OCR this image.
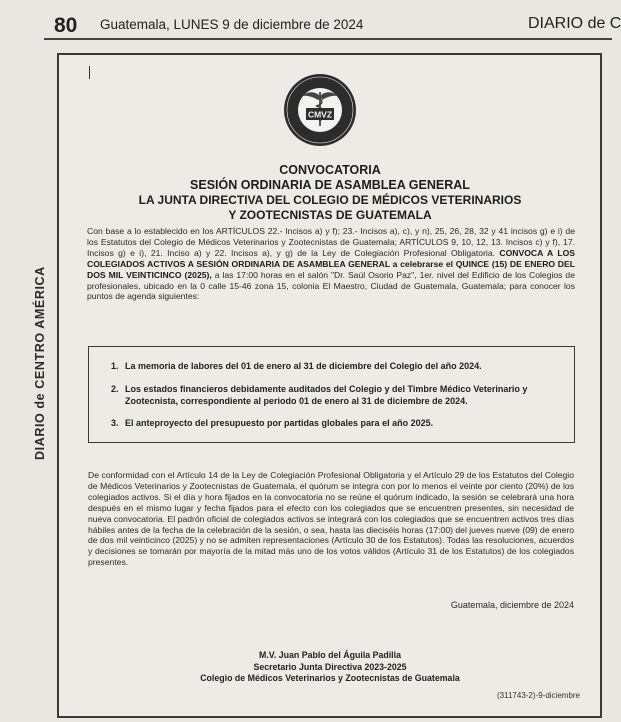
80 Guatemala, LUNES 9 de diciembre de 2024	DIARIO de C
DIARIO de CENTRO AMÉRICA
CMVZ
CONVOCATORIA
SESIÓN ORDINARIA DE ASAMBLEA GENERAL
LA JUNTA DIRECTIVA DEL COLEGIO DE MÉDICOS VETERINARIOS
Y ZOOTECNISTAS DE GUATEMALA

Con base a lo establecido en los ARTÍCULOS 22.- Incisos a) y f); 23.- Incisos a), c), y n), 25, 26, 28, 32 y 41 incisos g) e i) de los Estatutos del Colegio de Médicos Veterinarios y Zootecnistas de Guatemala; ARTÍCULOS 9, 10, 12, 13. Incisos c) y f), 17. Incisos g) e i), 21. Inciso a) y 22. Incisos a), y g) de la Ley de Colegiación Profesional Obligatoria. CONVOCA A LOS COLEGIADOS ACTIVOS A SESIÓN ORDINARIA DE ASAMBLEA GENERAL a celebrarse el QUINCE (15) DE ENERO DEL DOS MIL VEINTICINCO (2025), a las 17:00 horas en el salón "Dr. Saúl Osorio Paz", 1er. nivel del Edificio de los Colegios de profesionales, ubicado en la 0 calle 15-46 zona 15, colonia El Maestro, Ciudad de Guatemala, Guatemala; para conocer los puntos de agenda siguientes:

1. La memoria de labores del 01 de enero al 31 de diciembre del Colegio del año 2024.
2. Los estados financieros debidamente auditados del Colegio y del Timbre Médico Veterinario y Zootecnista, correspondiente al periodo 01 de enero al 31 de diciembre de 2024.
3. El anteproyecto del presupuesto por partidas globales para el año 2025.

De conformidad con el Artículo 14 de la Ley de Colegiación Profesional Obligatoria y el Artículo 29 de los Estatutos del Colegio de Médicos Veterinarios y Zootecnistas de Guatemala, el quórum se integra con por lo menos el veinte por ciento (20%) de los colegiados activos. Si el día y hora fijados en la convocatoria no se reúne el quórum indicado, la sesión se celebrará una hora después en el mismo lugar y fecha fijados para el efecto con los colegiados que se encuentren presentes, sin necesidad de nueva convocatoria. El padrón oficial de colegiados activos se integrará con los colegiados que se encuentren activos tres días hábiles antes de la fecha de la celebración de la sesión, o sea, hasta las dieciséis horas (17:00) del jueves nueve (09) de enero de dos mil veinticinco (2025) y no se admiten representaciones (Artículo 30 de los Estatutos). Todas las resoluciones, acuerdos y decisiones se tomarán por mayoría de la mitad más uno de los votos válidos (Artículo 31 de los Estatutos) de los colegiados presentes.

Guatemala, diciembre de 2024
M.V. Juan Pablo del Águila Padilla
Secretario Junta Directiva 2023-2025
Colegio de Médicos Veterinarios y Zootecnistas de Guatemala
(311743-2)-9-diciembre
